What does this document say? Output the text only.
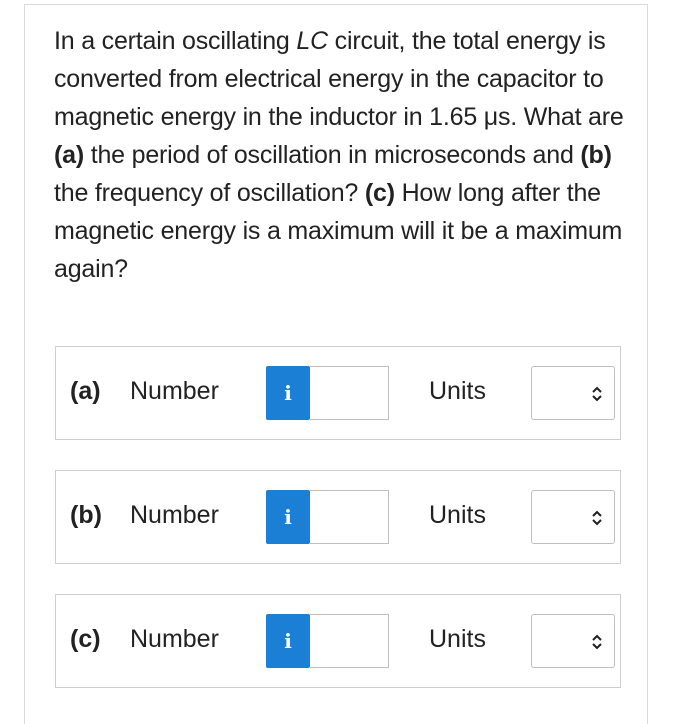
In a certain oscillating LC circuit, the total energy is converted from electrical energy in the capacitor to magnetic energy in the inductor in 1.65 μs. What are (a) the period of oscillation in microseconds and (b) the frequency of oscillation? (c) How long after the magnetic energy is a maximum will it be a maximum again?

(a) Number	i	Units
(b) Number	i	Units
(c) Number	i	Units
